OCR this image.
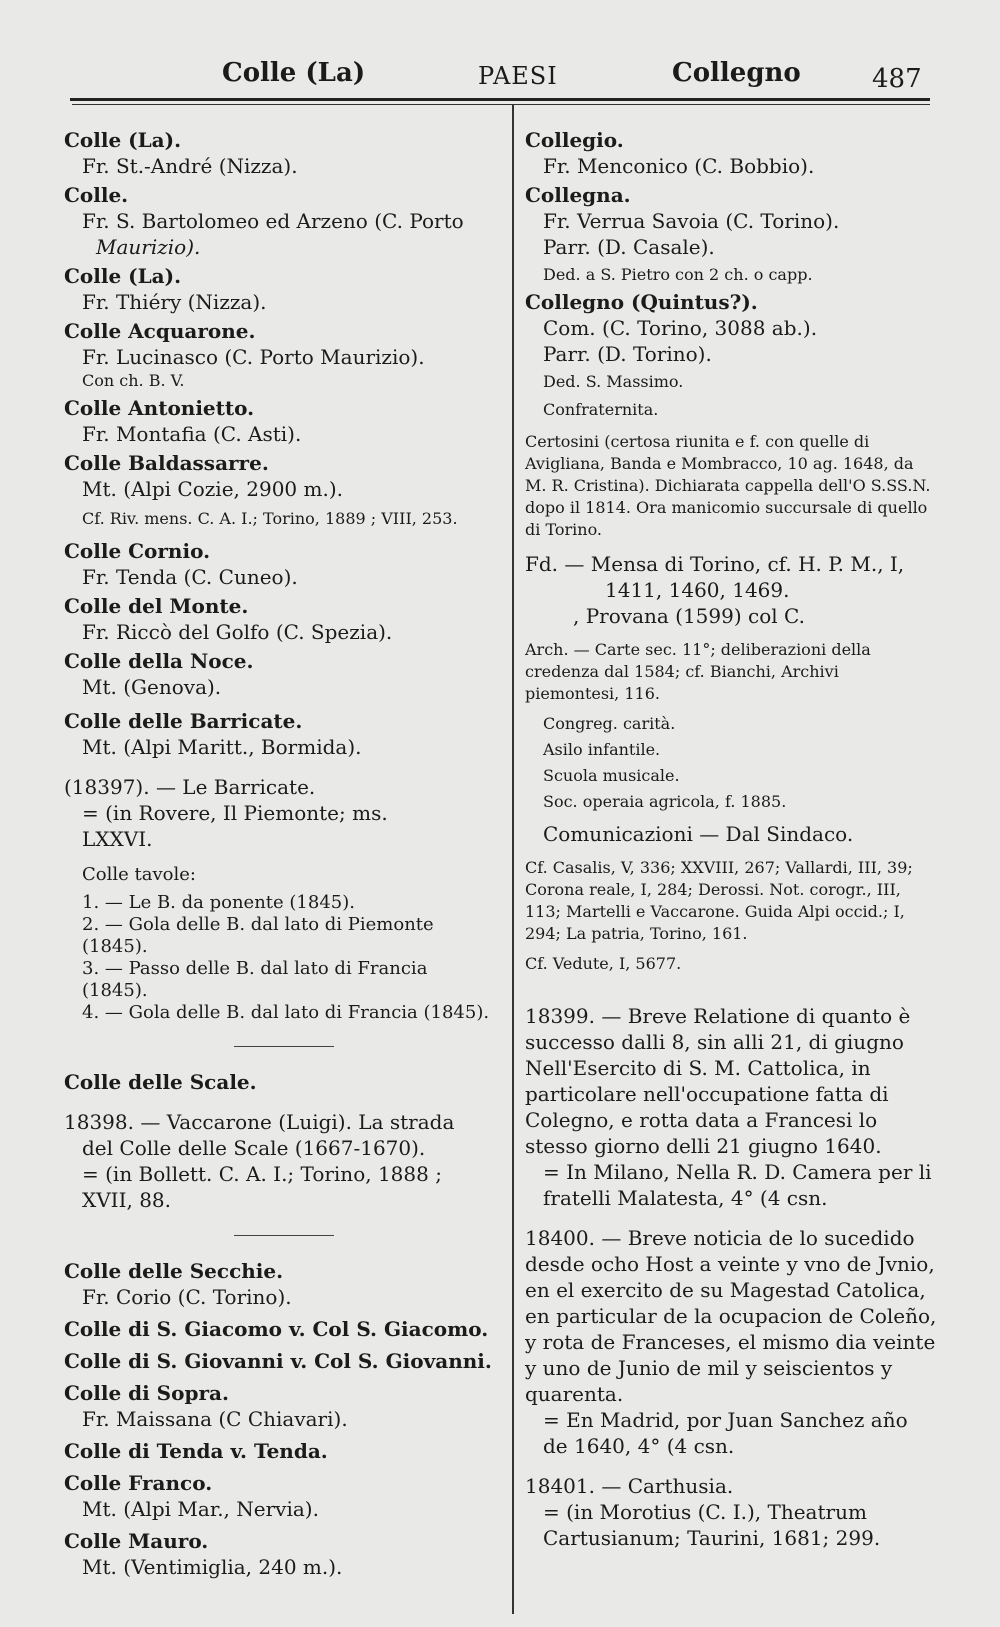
Colle (La)	PAESI	Collegno	487
Colle (La).
Fr. St.-André (Nizza).
Colle.
Fr. S. Bartolomeo ed Arzeno (C. Porto
Maurizio).
Colle (La).
Fr. Thiéry (Nizza).
Colle Acquarone.
Fr. Lucinasco (C. Porto Maurizio).
Con ch. B. V.
Colle Antonietto.
Fr. Montafia (C. Asti).
Colle Baldassarre.
Mt. (Alpi Cozie, 2900 m.).
Cf. Riv. mens. C. A. I.; Torino, 1889 ; VIII, 253.
Colle Cornio.
Fr. Tenda (C. Cuneo).
Colle del Monte.
Fr. Riccò del Golfo (C. Spezia).
Colle della Noce.
Mt. (Genova).
Colle delle Barricate.
Mt. (Alpi Maritt., Bormida).
(18397). — Le Barricate.
= (in Rovere, Il Piemonte; ms.
LXXVI.
Colle tavole:
1. — Le B. da ponente (1845).
2. — Gola delle B. dal lato di Piemonte (1845).
3. — Passo delle B. dal lato di Francia (1845).
4. — Gola delle B. dal lato di Francia (1845).
Colle delle Scale.
18398. — Vaccarone (Luigi). La strada
del Colle delle Scale (1667-1670).
= (in Bollett. C. A. I.; Torino, 1888 ;
XVII, 88.
Colle delle Secchie.
Fr. Corio (C. Torino).
Colle di S. Giacomo v. Col S. Giacomo.
Colle di S. Giovanni v. Col S. Giovanni.
Colle di Sopra.
Fr. Maissana (C Chiavari).
Colle di Tenda v. Tenda.
Colle Franco.
Mt. (Alpi Mar., Nervia).
Colle Mauro.
Mt. (Ventimiglia, 240 m.).
Collegio.
Fr. Menconico (C. Bobbio).
Collegna.
Fr. Verrua Savoia (C. Torino).
Parr. (D. Casale).
Ded. a S. Pietro con 2 ch. o capp.
Collegno (Quintus?).
Com. (C. Torino, 3088 ab.).
Parr. (D. Torino).
Ded. S. Massimo.
Confraternita.
Certosini (certosa riunita e f. con quelle di Avigliana, Banda e Mombracco, 10 ag. 1648, da M. R. Cristina). Dichiarata cappella dell'O S.SS.N. dopo il 1814. Ora manicomio succursale di quello di Torino.
Fd. — Mensa di Torino, cf. H. P. M., I,
1411, 1460, 1469.
, Provana (1599) col C.
Arch. — Carte sec. 11°; deliberazioni della credenza dal 1584; cf. Bianchi, Archivi piemontesi, 116.
Congreg. carità.
Asilo infantile.
Scuola musicale.
Soc. operaia agricola, f. 1885.
Comunicazioni — Dal Sindaco.
Cf. Casalis, V, 336; XXVIII, 267; Vallardi, III, 39; Corona reale, I, 284; Derossi. Not. corogr., III, 113; Martelli e Vaccarone. Guida Alpi occid.; I, 294; La patria, Torino, 161.
Cf. Vedute, I, 5677.
18399. — Breve Relatione di quanto è successo dalli 8, sin alli 21, di giugno Nell'Esercito di S. M. Cattolica, in particolare nell'occupatione fatta di Colegno, e rotta data a Francesi lo stesso giorno delli 21 giugno 1640.
= In Milano, Nella R. D. Camera per li fratelli Malatesta, 4° (4 csn.
18400. — Breve noticia de lo sucedido desde ocho Host a veinte y vno de Jvnio, en el exercito de su Magestad Catolica, en particular de la ocupacion de Coleño, y rota de Franceses, el mismo dia veinte y uno de Junio de mil y seiscientos y quarenta.
= En Madrid, por Juan Sanchez año de 1640, 4° (4 csn.
18401. — Carthusia.
= (in Morotius (C. I.), Theatrum Cartusianum; Taurini, 1681; 299.
